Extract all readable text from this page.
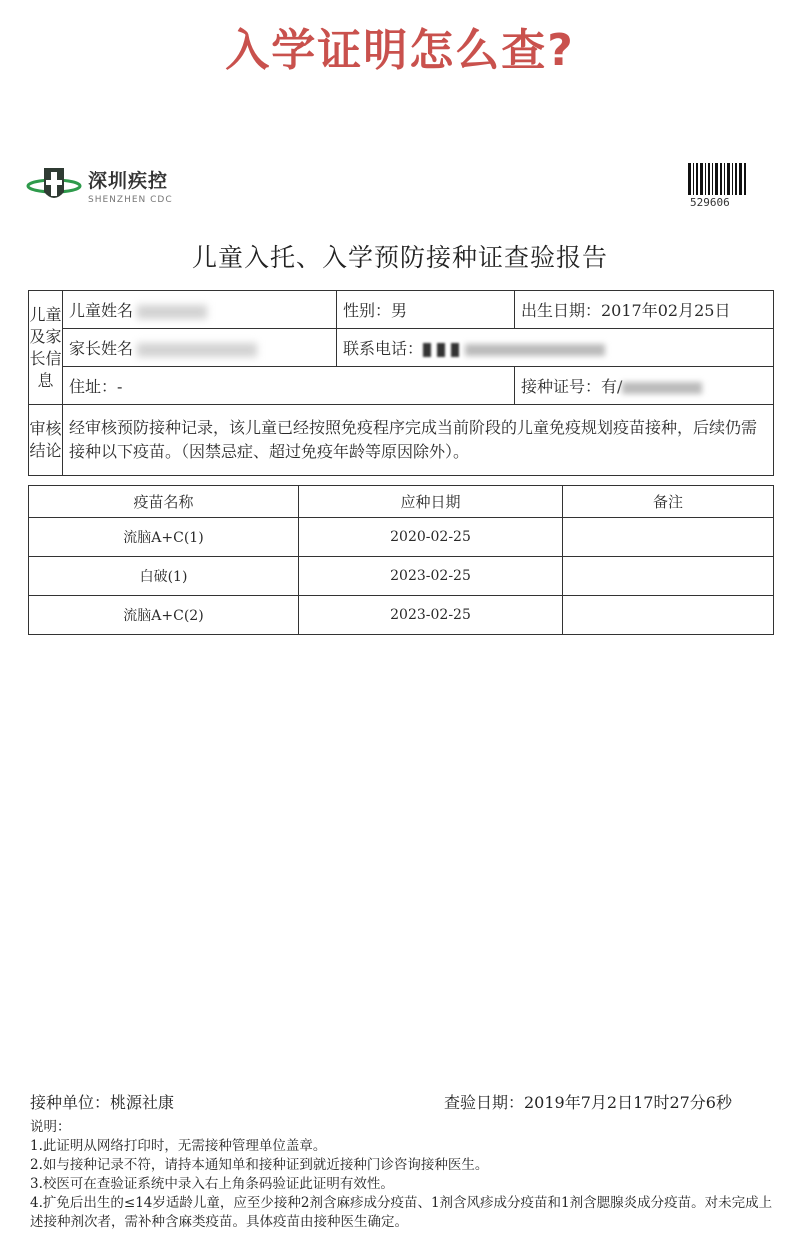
入学证明怎么查?
深圳疾控
SHENZHEN CDC	529606
儿童入托、入学预防接种证查验报告
儿童及家长信息	儿童姓名	性别：男	出生日期：2017年02月25日
	家长姓名	联系电话：	
	住址：-		接种证号：有/
审核结论	经审核预防接种记录，该儿童已经按照免疫程序完成当前阶段的儿童免疫规划疫苗接种，后续仍需接种以下疫苗。（因禁忌症、超过免疫年龄等原因除外）。		
疫苗名称	应种日期	备注
流脑A+C(1)	2020-02-25	
白破(1)	2023-02-25	
流脑A+C(2)	2023-02-25	
接种单位：桃源社康	查验日期：2019年7月2日17时27分6秒
说明：
1.此证明从网络打印时，无需接种管理单位盖章。
2.如与接种记录不符，请持本通知单和接种证到就近接种门诊咨询接种医生。
3.校医可在查验证系统中录入右上角条码验证此证明有效性。
4.扩免后出生的≤14岁适龄儿童，应至少接种2剂含麻疹成分疫苗、1剂含风疹成分疫苗和1剂含腮腺炎成分疫苗。对未完成上述接种剂次者，需补种含麻类疫苗。具体疫苗由接种医生确定。
